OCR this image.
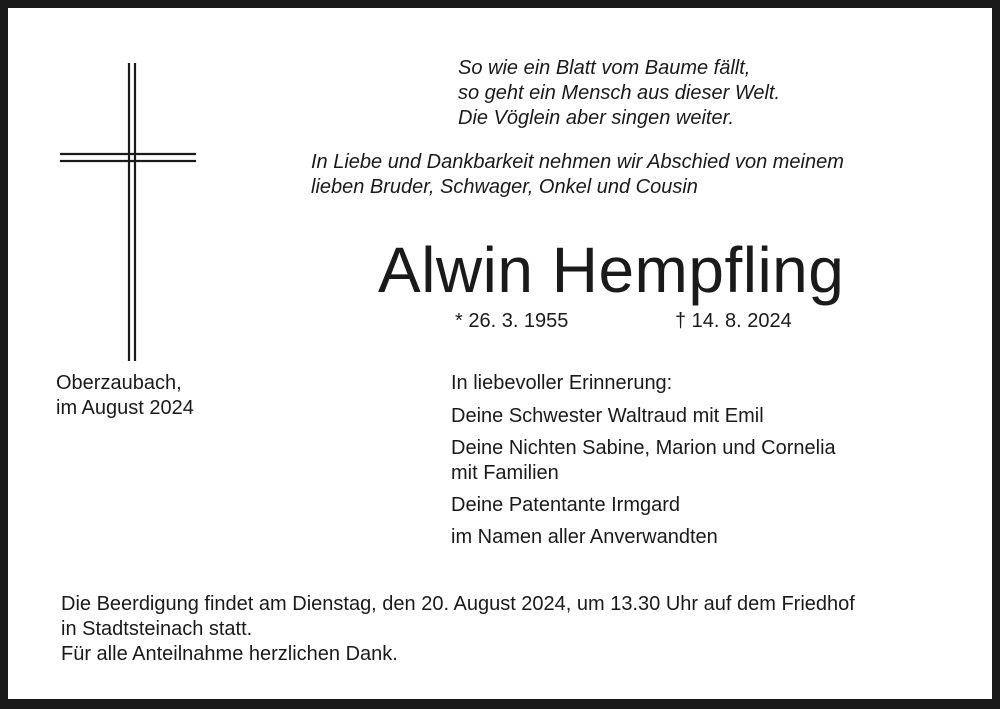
So wie ein Blatt vom Baume fällt,
so geht ein Mensch aus dieser Welt.
Die Vöglein aber singen weiter.
In Liebe und Dankbarkeit nehmen wir Abschied von meinem
lieben Bruder, Schwager, Onkel und Cousin
Alwin Hempfling
* 26. 3. 1955	† 14. 8. 2024
Oberzaubach,
im August 2024
In liebevoller Erinnerung:
Deine Schwester Waltraud mit Emil
Deine Nichten Sabine, Marion und Cornelia
mit Familien
Deine Patentante Irmgard
im Namen aller Anverwandten
Die Beerdigung findet am Dienstag, den 20. August 2024, um 13.30 Uhr auf dem Friedhof
in Stadtsteinach statt.
Für alle Anteilnahme herzlichen Dank.
